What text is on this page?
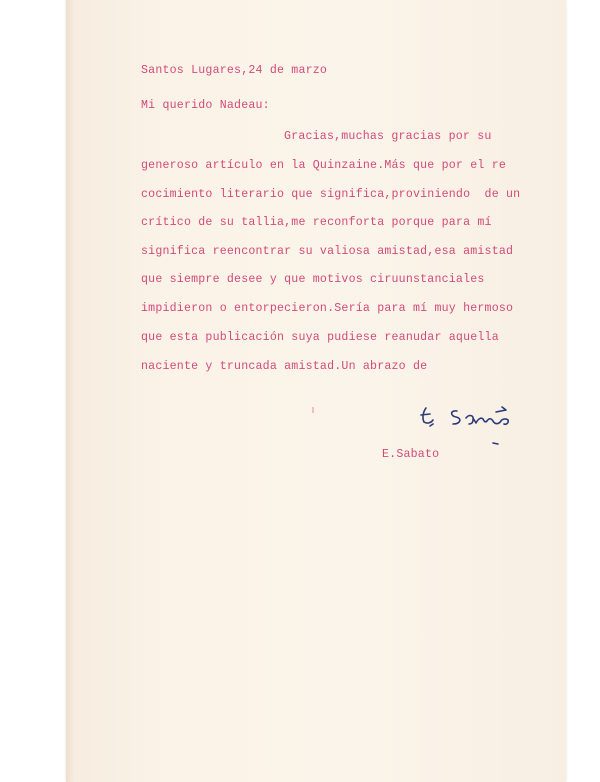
Santos Lugares,24 de marzo
Mi querido Nadeau:
Gracias,muchas gracias por su
generoso artículo en la Quinzaine.Más que por el re
cocimiento literario que significa,proviniendo  de un
crítico de su tallia,me reconforta porque para mí
significa reencontrar su valiosa amistad,esa amistad
que siempre desee y que motivos ciruunstanciales
impidieron o entorpecieron.Sería para mí muy hermoso
que esta publicación suya pudiese reanudar aquella
naciente y truncada amistad.Un abrazo de
E.Sabato
